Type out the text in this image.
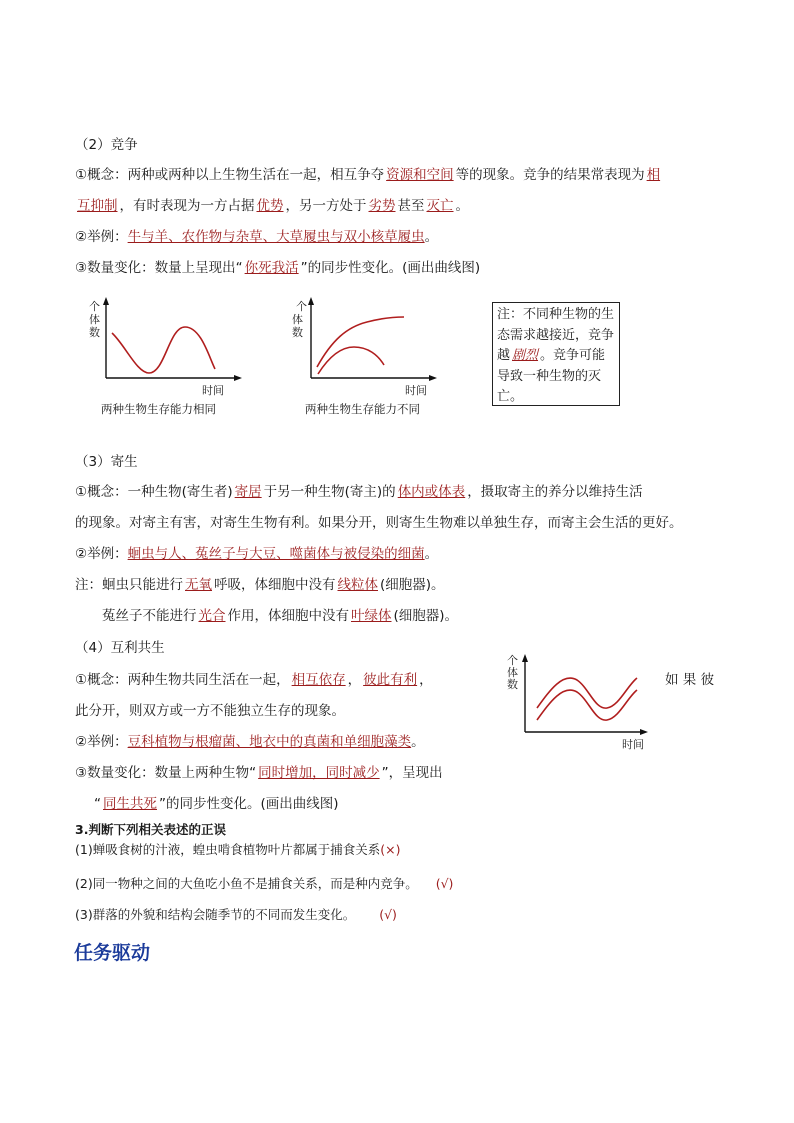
（2）竞争
①概念：两种或两种以上生物生活在一起，相互争夺 资源和空间 等的现象。竞争的结果常表现为 相
互抑制 ，有时表现为一方占据 优势 ，另一方处于 劣势 甚至 灭亡 。
②举例：牛与羊、农作物与杂草、大草履虫与双小核草履虫。
③数量变化：数量上呈现出“ 你死我活 ”的同步性变化。(画出曲线图)
个
体
数
时间
两种生物生存能力相同
体
数
个
时间
两种生物生存能力不同
注：不同种生物的生态需求越接近，竞争越 剧烈 。竞争可能导致一种生物的灭亡。
（3）寄生
①概念：一种生物(寄生者) 寄居 于另一种生物(寄主)的 体内或体表 ，摄取寄主的养分以维持生活
的现象。对寄主有害，对寄生生物有利。如果分开，则寄生生物难以单独生存，而寄主会生活的更好。
②举例：蛔虫与人、菟丝子与大豆、噬菌体与被侵染的细菌。
注：蛔虫只能进行 无氧 呼吸，体细胞中没有 线粒体 (细胞器)。
菟丝子不能进行 光合 作用，体细胞中没有 叶绿体 (细胞器)。
（4）互利共生
①概念：两种生物共同生活在一起， 相互依存 ， 彼此有利 ，	如 果 彼
此分开，则双方或一方不能独立生存的现象。
②举例：豆科植物与根瘤菌、地衣中的真菌和单细胞藻类。
③数量变化：数量上两种生物“ 同时增加，同时减少 ”，呈现出
“ 同生共死 ”的同步性变化。(画出曲线图)
个
体
数
时间
3.判断下列相关表述的正误
(1)蝉吸食树的汁液，蝗虫啃食植物叶片都属于捕食关系(×)
(2)同一物种之间的大鱼吃小鱼不是捕食关系，而是种内竞争。 (√)
(3)群落的外貌和结构会随季节的不同而发生变化。 (√)
任务驱动
